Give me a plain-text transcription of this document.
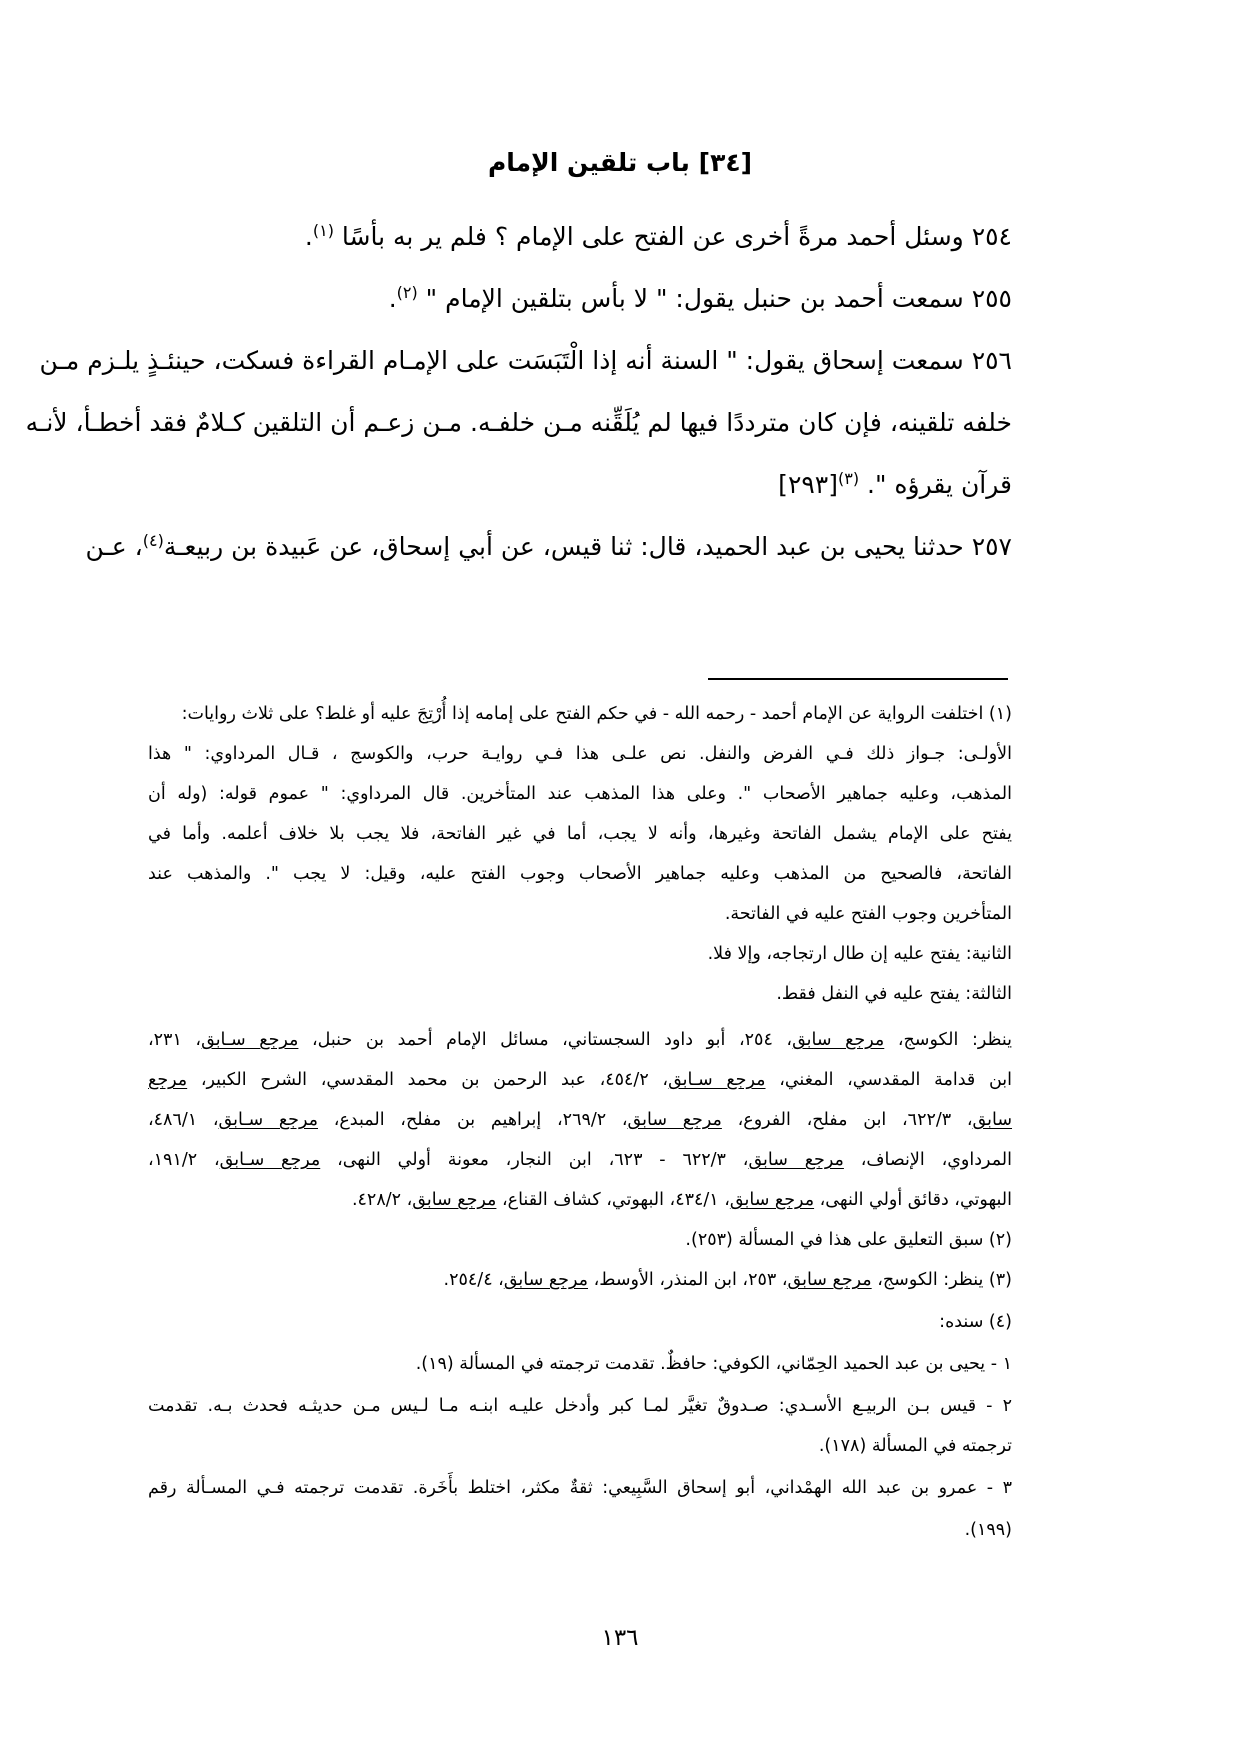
[٣٤] باب تلقين الإمام
٢٥٤ وسئل أحمد مرةً أخرى عن الفتح على الإمام ؟ فلم ير به بأسًا $^{(١)}$.
٢٥٥ سمعت أحمد بن حنبل يقول: " لا بأس بتلقين الإمام " $^{(٢)}$.
٢٥٦ سمعت إسحاق يقول: " السنة أنه إذا الْتَبَسَت على الإمـام القراءة فسكت، حينئـذٍ يلـزم مـن
خلفه تلقينه، فإن كان مترددًا فيها لم يُلَقِّنه مـن خلفـه. مـن زعـم أن التلقين كـلامٌ فقد أخطـأ، لأنـه
قرآن يقرؤه ". $^{(٣)}$[٢٩٣]
٢٥٧ حدثنا يحيى بن عبد الحميد، قال: ثنا قيس، عن أبي إسحاق، عن عَبيدة بن ربيعـة$^{(٤)}$، عـن
(١) اختلفت الرواية عن الإمام أحمد - رحمه الله - في حكم الفتح على إمامه إذا أُرْتِجَ عليه أو غلط؟ على ثلاث روايات:
الأولـى: جـواز ذلك فـي الفرض والنفل. نص علـى هذا فـي روايـة حرب، والكوسج ، قـال المرداوي: " هذا
المذهب، وعليه جماهير الأصحاب ". وعلى هذا المذهب عند المتأخرين. قال المرداوي: " عموم قوله: (وله أن
يفتح على الإمام يشمل الفاتحة وغيرها، وأنه لا يجب، أما في غير الفاتحة، فلا يجب بلا خلاف أعلمه. وأما في
الفاتحة، فالصحيح من المذهب وعليه جماهير الأصحاب وجوب الفتح عليه، وقيل: لا يجب ". والمذهب عند
المتأخرين وجوب الفتح عليه في الفاتحة.
الثانية: يفتح عليه إن طال ارتجاجه، وإلا فلا.
الثالثة: يفتح عليه في النفل فقط.
ينظر: الكوسج، مرجع سابق، ٢٥٤، أبو داود السجستاني، مسائل الإمام أحمد بن حنبل، مرجع سـابق، ٢٣١،
ابن قدامة المقدسي، المغني، مرجع سـابق، ٤٥٤/٢، عبد الرحمن بن محمد المقدسي، الشرح الكبير، مرجع
سابق، ٦٢٢/٣، ابن مفلح، الفروع، مرجع سابق، ٢٦٩/٢، إبراهيم بن مفلح، المبدع، مرجع سـابق، ٤٨٦/١،
المرداوي، الإنصاف، مرجع سابق، ٦٢٢/٣ - ٦٢٣، ابن النجار، معونة أولي النهى، مرجع سـابق، ١٩١/٢،
البهوتي، دقائق أولي النهى، مرجع سابق، ٤٣٤/١، البهوتي، كشاف القناع، مرجع سابق، ٤٢٨/٢.
(٢) سبق التعليق على هذا في المسألة (٢٥٣).
(٣) ينظر: الكوسج، مرجع سابق، ٢٥٣، ابن المنذر، الأوسط، مرجع سابق، ٢٥٤/٤.
(٤) سنده:
١ - يحيى بن عبد الحميد الحِمّاني، الكوفي: حافظٌ. تقدمت ترجمته في المسألة (١٩).
٢ - قيس بـن الربيـع الأسـدي: صـدوقٌ تغيَّر لمـا كبر وأدخل عليـه ابنـه مـا لـيس مـن حديثـه فحدث بـه. تقدمت
ترجمته في المسألة (١٧٨).
٣ - عمرو بن عبد الله الهمْداني، أبو إسحاق السَّبِيعي: ثقةٌ مكثر، اختلط بأَخَرة. تقدمت ترجمته فـي المسـألة رقم
(١٩٩).
١٣٦
